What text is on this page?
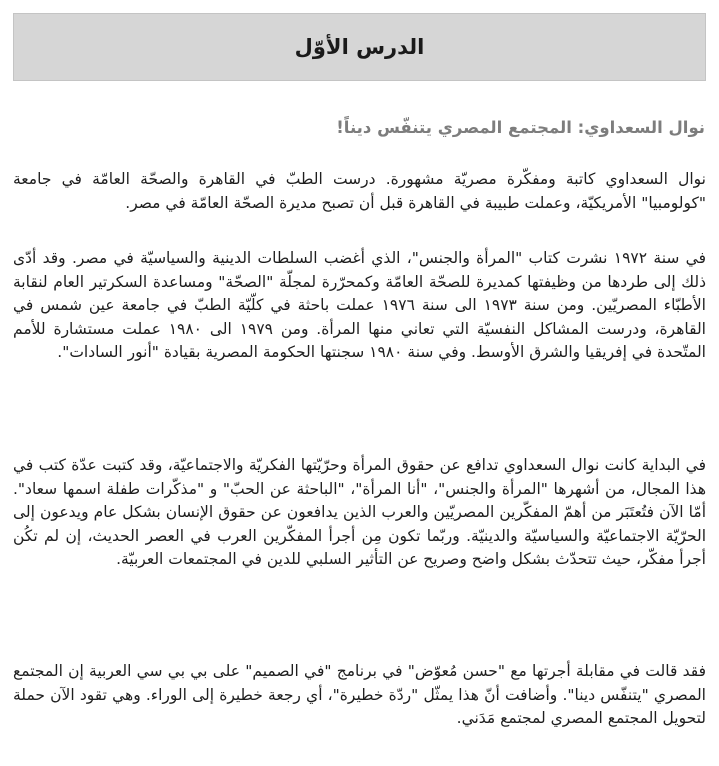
الدرس الأوّل
نوال السعداوي: المجتمع المصري يتنفّس ديناً!

نوال السعداوي كاتبة ومفكّرة مصريّة مشهورة. درست الطبّ في القاهرة والصحّة العامّة في جامعة "كولومبيا" الأمريكيّة، وعملت طبيبة في القاهرة قبل أن تصبح مديرة الصحّة العامّة في مصر.

في سنة ١٩٧٢ نشرت كتاب "المرأة والجنس"، الذي أغضب السلطات الدينية والسياسيّة في مصر. وقد أدّى ذلك إلى طردها من وظيفتها كمديرة للصحّة العامّة وكمحرّرة لمجلّة "الصحّة" ومساعدة السكرتير العام لنقابة الأطبّاء المصريّين. ومن سنة ١٩٧٣ الى سنة ١٩٧٦ عملت باحثة في كلّيّة الطبّ في جامعة عين شمس في القاهرة، ودرست المشاكل النفسيّة التي تعاني منها المرأة. ومن ١٩٧٩ الى ١٩٨٠ عملت مستشارة للأمم المتّحدة في إفريقيا والشرق الأوسط. وفي سنة ١٩٨٠ سجنتها الحكومة المصرية بقيادة "أنور السادات".

في البداية كانت نوال السعداوي تدافع عن حقوق المرأة وحرّيّتها الفكريّة والاجتماعيّة، وقد كتبت عدّة كتب في هذا المجال، من أشهرها "المرأة والجنس"، "أنا المرأة"، "الباحثة عن الحبّ" و "مذكّرات طفلة اسمها سعاد". أمّا الآن فتُعتَبَر من أهمّ المفكّرين المصريّين والعرب الذين يدافعون عن حقوق الإنسان بشكل عام ويدعون إلى الحرّيّة الاجتماعيّة والسياسيّة والدينيّة. وربّما تكون مِن أجرأ المفكّرين العرب في العصر الحديث، إن لم تكُن أجرأ مفكّر، حيث تتحدّث بشكل واضح وصريح عن التأثير السلبي للدين في المجتمعات العربيّة.

فقد قالت في مقابلة أجرتها مع "حسن مُعوّض" في برنامج "في الصميم" على بي بي سي العربية إن المجتمع المصري "يتنفّس دينا". وأضافت أنّ هذا يمثّل "ردّة خطيرة"، أي رجعة خطيرة إلى الوراء. وهي تقود الآن حملة لتحويل المجتمع المصري لمجتمع مَدَني.
